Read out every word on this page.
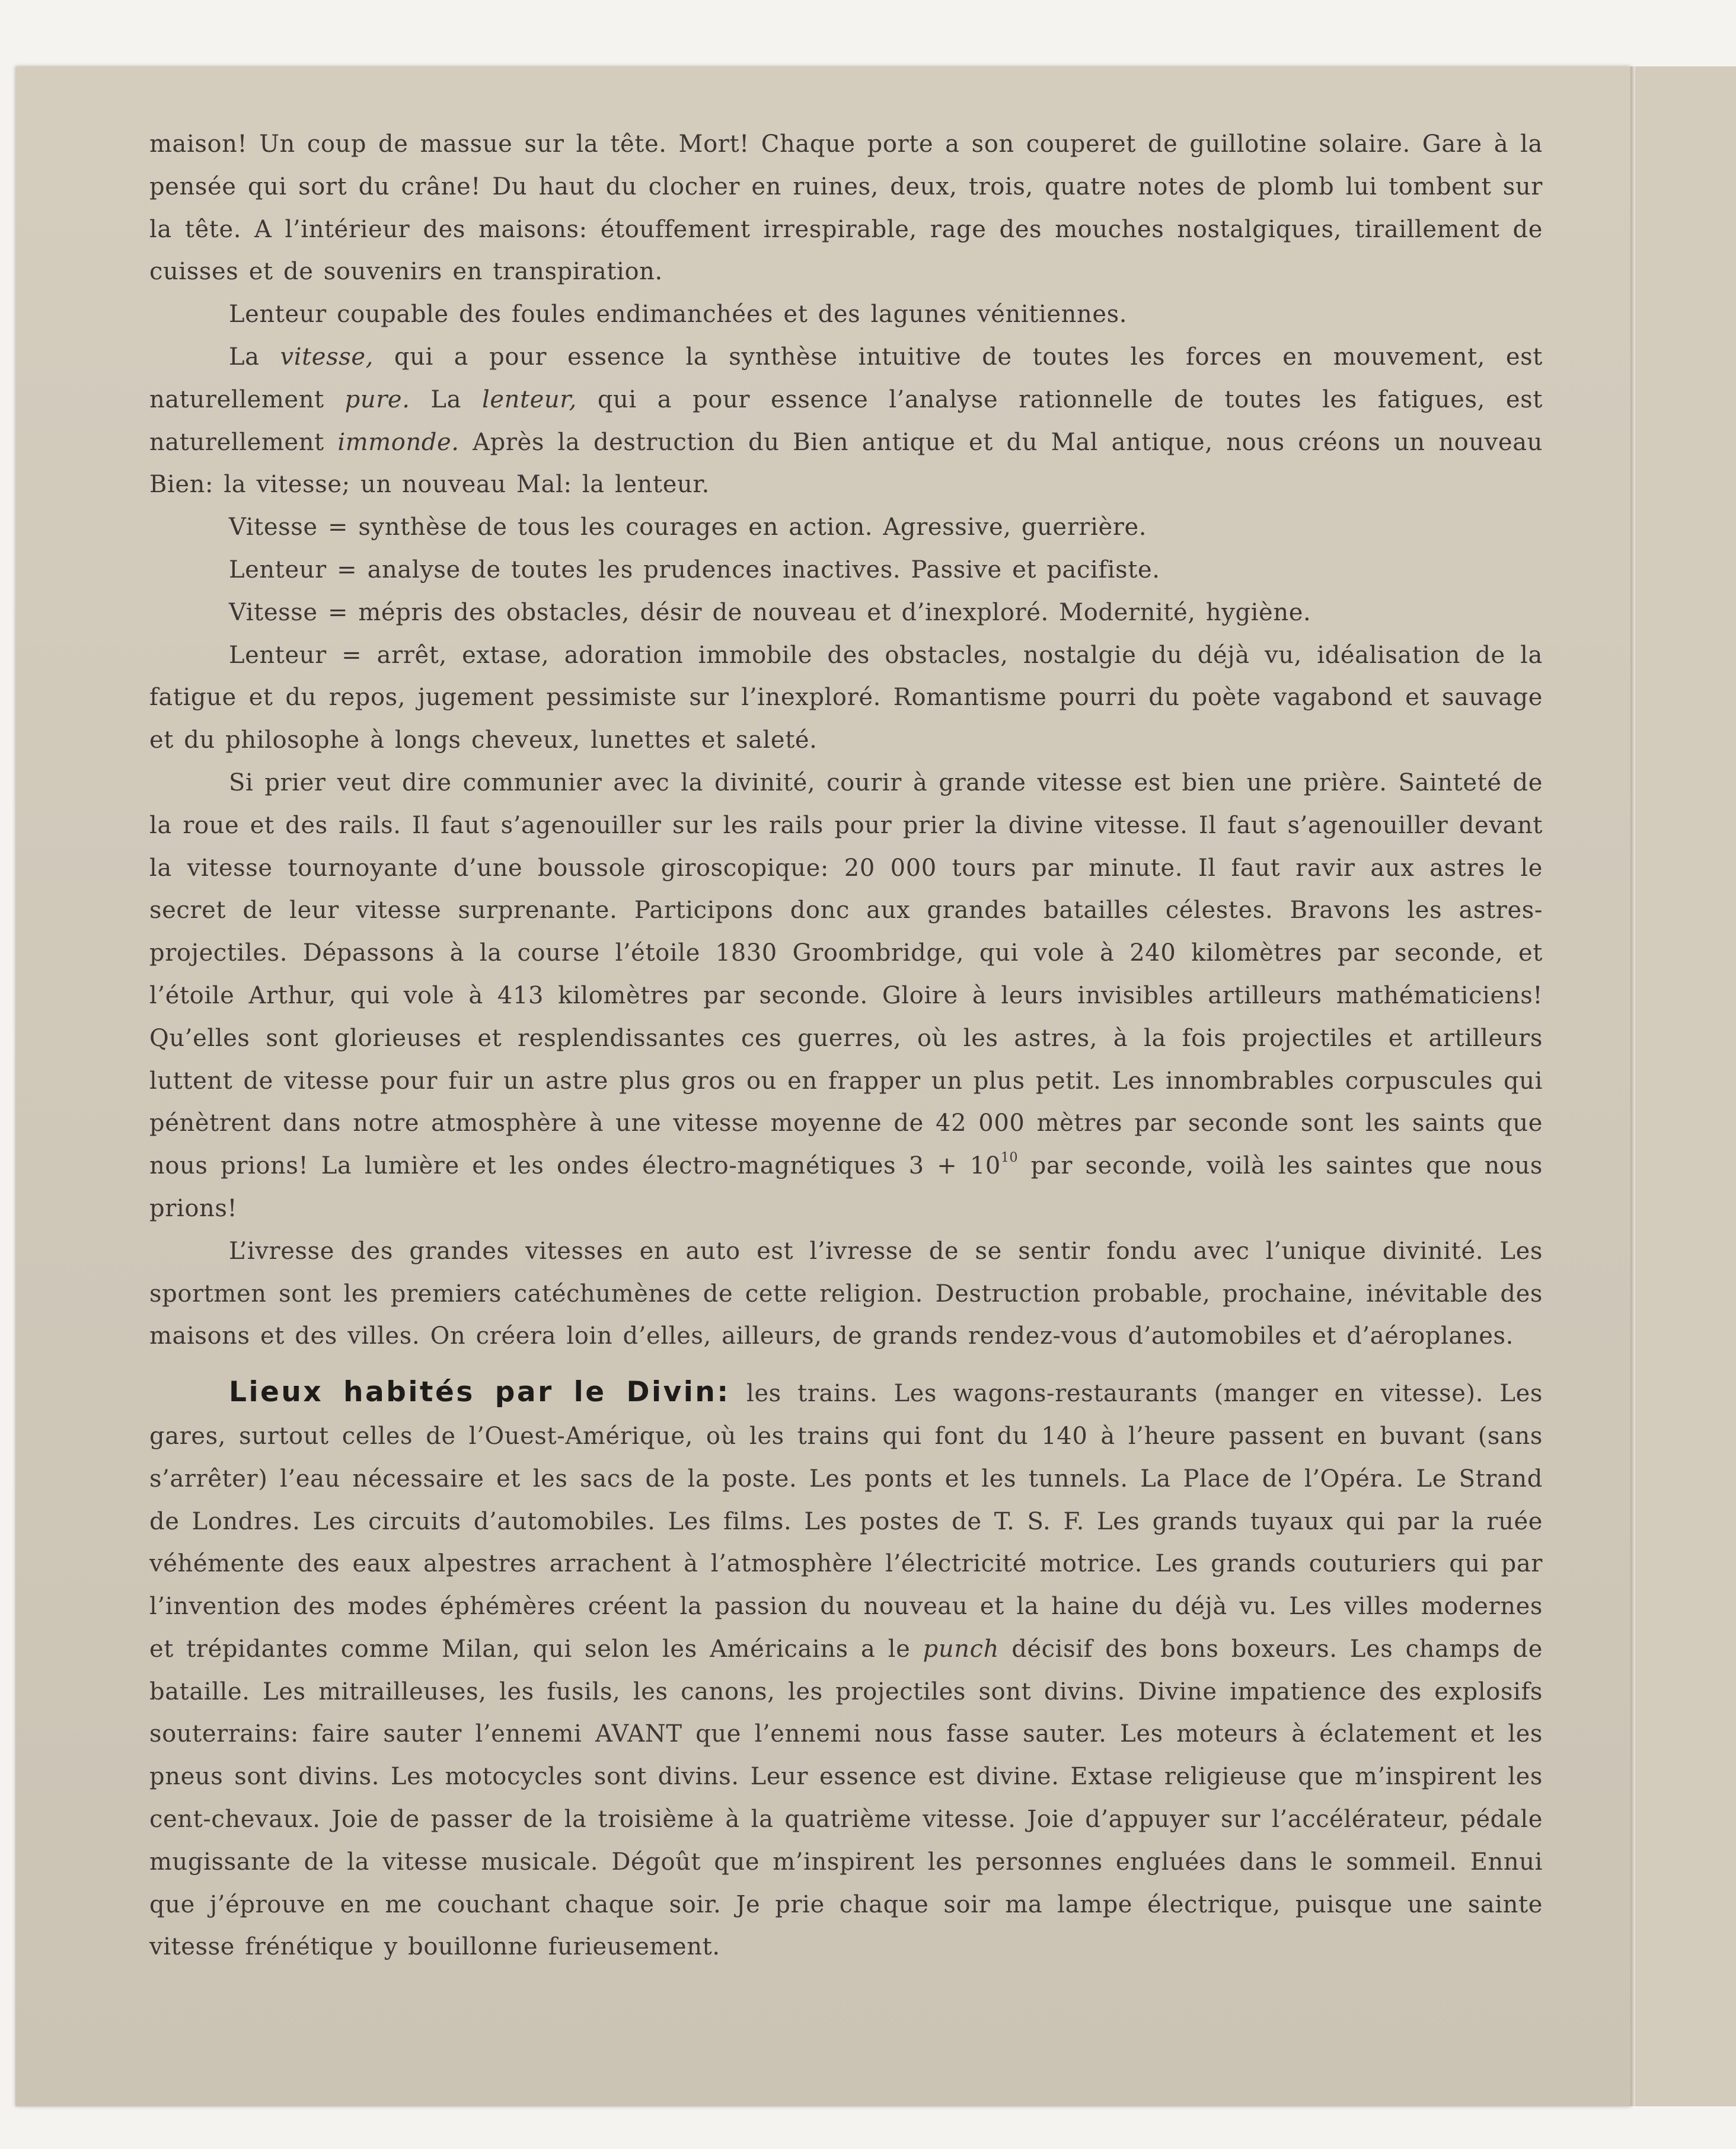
maison! Un coup de massue sur la tête. Mort! Chaque porte a son couperet de guillotine solaire. Gare à la pensée qui sort du crâne! Du haut du clocher en ruines, deux, trois, quatre notes de plomb lui tombent sur la tête. A l’intérieur des maisons: étouffement irrespirable, rage des mouches nostalgiques, tiraillement de cuisses et de souvenirs en transpiration.

Lenteur coupable des foules endimanchées et des lagunes vénitiennes.

La vitesse, qui a pour essence la synthèse intuitive de toutes les forces en mouvement, est naturellement pure. La lenteur, qui a pour essence l’analyse rationnelle de toutes les fatigues, est naturellement immonde. Après la destruction du Bien antique et du Mal antique, nous créons un nouveau Bien: la vitesse; un nouveau Mal: la lenteur.

Vitesse = synthèse de tous les courages en action. Agressive, guerrière.

Lenteur = analyse de toutes les prudences inactives. Passive et pacifiste.

Vitesse = mépris des obstacles, désir de nouveau et d’inexploré. Modernité, hygiène.

Lenteur = arrêt, extase, adoration immobile des obstacles, nostalgie du déjà vu, idéalisation de la fatigue et du repos, jugement pessimiste sur l’inexploré. Romantisme pourri du poète vagabond et sauvage et du philosophe à longs cheveux, lunettes et saleté.

Si prier veut dire communier avec la divinité, courir à grande vitesse est bien une prière. Sainteté de la roue et des rails. Il faut s’agenouiller sur les rails pour prier la divine vitesse. Il faut s’agenouiller devant la vitesse tournoyante d’une boussole giroscopique: 20 000 tours par minute. Il faut ravir aux astres le secret de leur vitesse surprenante. Participons donc aux grandes batailles célestes. Bravons les astres-projectiles. Dépassons à la course l’étoile 1830 Groombridge, qui vole à 240 kilomètres par seconde, et l’étoile Arthur, qui vole à 413 kilomètres par seconde. Gloire à leurs invisibles artilleurs mathématiciens! Qu’elles sont glorieuses et resplendissantes ces guerres, où les astres, à la fois projectiles et artilleurs luttent de vitesse pour fuir un astre plus gros ou en frapper un plus petit. Les innombrables corpuscules qui pénètrent dans notre atmosphère à une vitesse moyenne de 42 000 mètres par seconde sont les saints que nous prions! La lumière et les ondes électro-magnétiques $3 + 10^{10}$ par seconde, voilà les saintes que nous prions!

L’ivresse des grandes vitesses en auto est l’ivresse de se sentir fondu avec l’unique divinité. Les sportmen sont les premiers catéchumènes de cette religion. Destruction probable, prochaine, inévitable des maisons et des villes. On créera loin d’elles, ailleurs, de grands rendez-vous d’automobiles et d’aéroplanes.

Lieux habités par le Divin: les trains. Les wagons-restaurants (manger en vitesse). Les gares, surtout celles de l’Ouest-Amérique, où les trains qui font du 140 à l’heure passent en buvant (sans s’arrêter) l’eau nécessaire et les sacs de la poste. Les ponts et les tunnels. La Place de l’Opéra. Le Strand de Londres. Les circuits d’automobiles. Les films. Les postes de T. S. F. Les grands tuyaux qui par la ruée véhémente des eaux alpestres arrachent à l’atmosphère l’électricité motrice. Les grands couturiers qui par l’invention des modes éphémères créent la passion du nouveau et la haine du déjà vu. Les villes modernes et trépidantes comme Milan, qui selon les Américains a le punch décisif des bons boxeurs. Les champs de bataille. Les mitrailleuses, les fusils, les canons, les projectiles sont divins. Divine impatience des explosifs souterrains: faire sauter l’ennemi AVANT que l’ennemi nous fasse sauter. Les moteurs à éclatement et les pneus sont divins. Les motocycles sont divins. Leur essence est divine. Extase religieuse que m’inspirent les cent-chevaux. Joie de passer de la troisième à la quatrième vitesse. Joie d’appuyer sur l’accélérateur, pédale mugissante de la vitesse musicale. Dégoût que m’inspirent les personnes engluées dans le sommeil. Ennui que j’éprouve en me couchant chaque soir. Je prie chaque soir ma lampe électrique, puisque une sainte vitesse frénétique y bouillonne furieusement.
